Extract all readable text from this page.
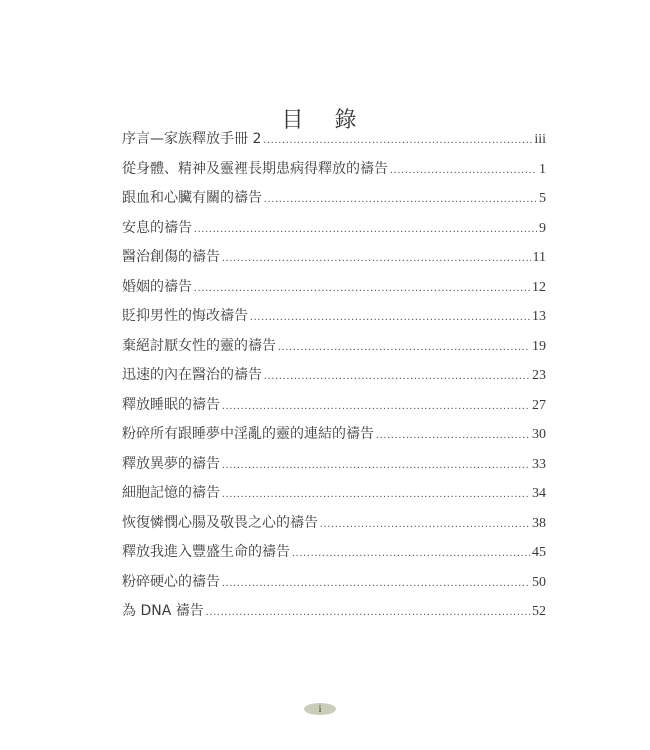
目 錄
序言—家族釋放手冊 2 .....	iii
從身體、精神及靈裡長期患病得釋放的禱告 .....	1
跟血和心臟有關的禱告 .....	5
安息的禱告 .....	9
醫治創傷的禱告 .....	11
婚姻的禱告 .....	12
貶抑男性的悔改禱告 .....	13
棄絕討厭女性的靈的禱告 .....	19
迅速的內在醫治的禱告 .....	23
釋放睡眠的禱告 .....	27
粉碎所有跟睡夢中淫亂的靈的連結的禱告 .....	30
釋放異夢的禱告 .....	33
細胞記憶的禱告 .....	34
恢復憐憫心腸及敬畏之心的禱告 .....	38
釋放我進入豐盛生命的禱告 .....	45
粉碎硬心的禱告 .....	50
為 DNA 禱告 .....	52
i
